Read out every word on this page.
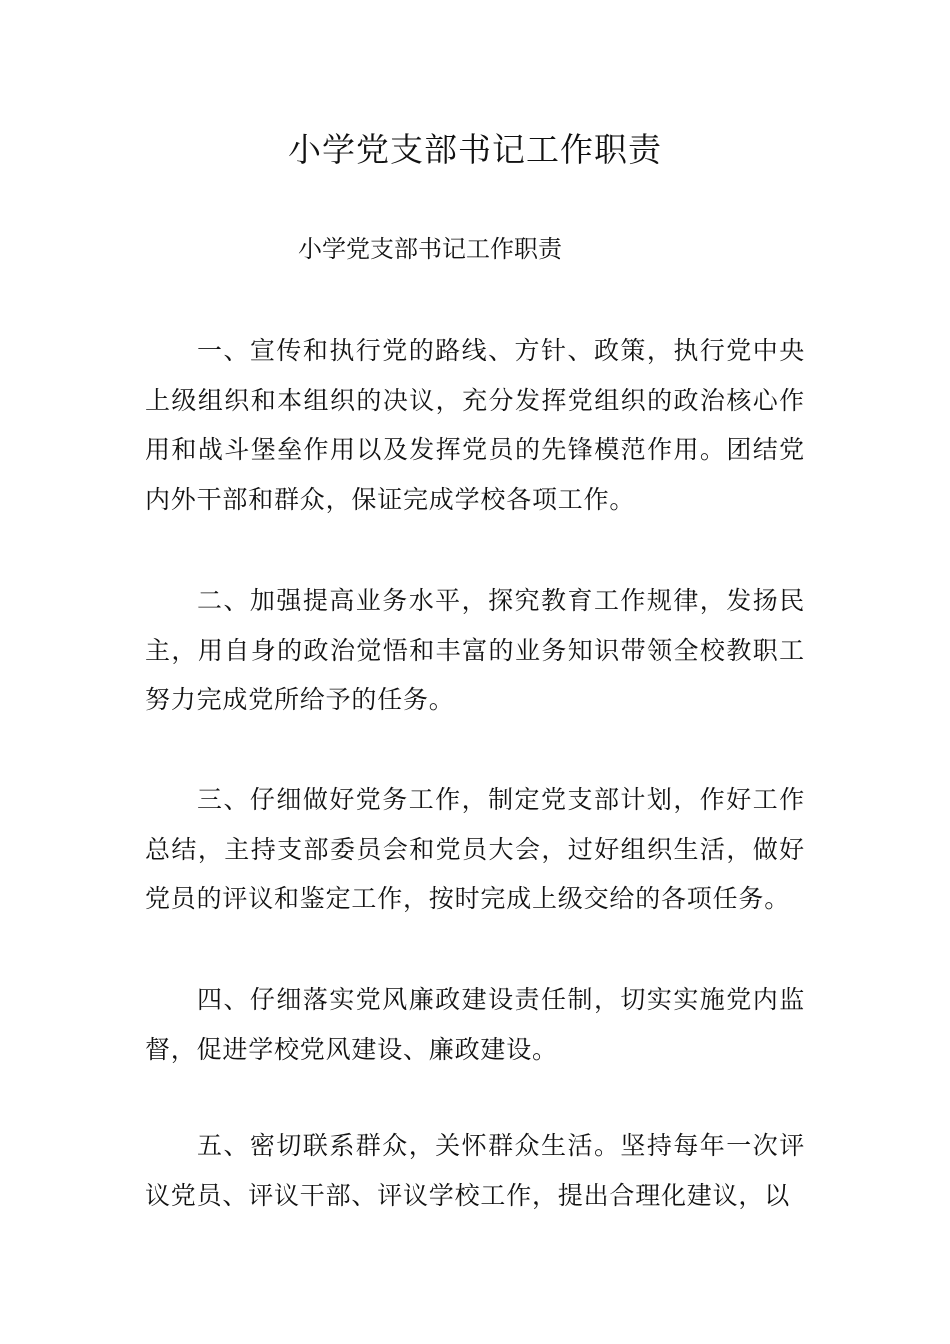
小学党支部书记工作职责

小学党支部书记工作职责

一、宣传和执行党的路线、方针、政策，执行党中央上级组织和本组织的决议，充分发挥党组织的政治核心作用和战斗堡垒作用以及发挥党员的先锋模范作用。团结党内外干部和群众，保证完成学校各项工作。

二、加强提高业务水平，探究教育工作规律，发扬民主，用自身的政治觉悟和丰富的业务知识带领全校教职工努力完成党所给予的任务。

三、仔细做好党务工作，制定党支部计划，作好工作总结，主持支部委员会和党员大会，过好组织生活，做好党员的评议和鉴定工作，按时完成上级交给的各项任务。

四、仔细落实党风廉政建设责任制，切实实施党内监督，促进学校党风建设、廉政建设。

五、密切联系群众，关怀群众生活。坚持每年一次评议党员、评议干部、评议学校工作，提出合理化建议，以
